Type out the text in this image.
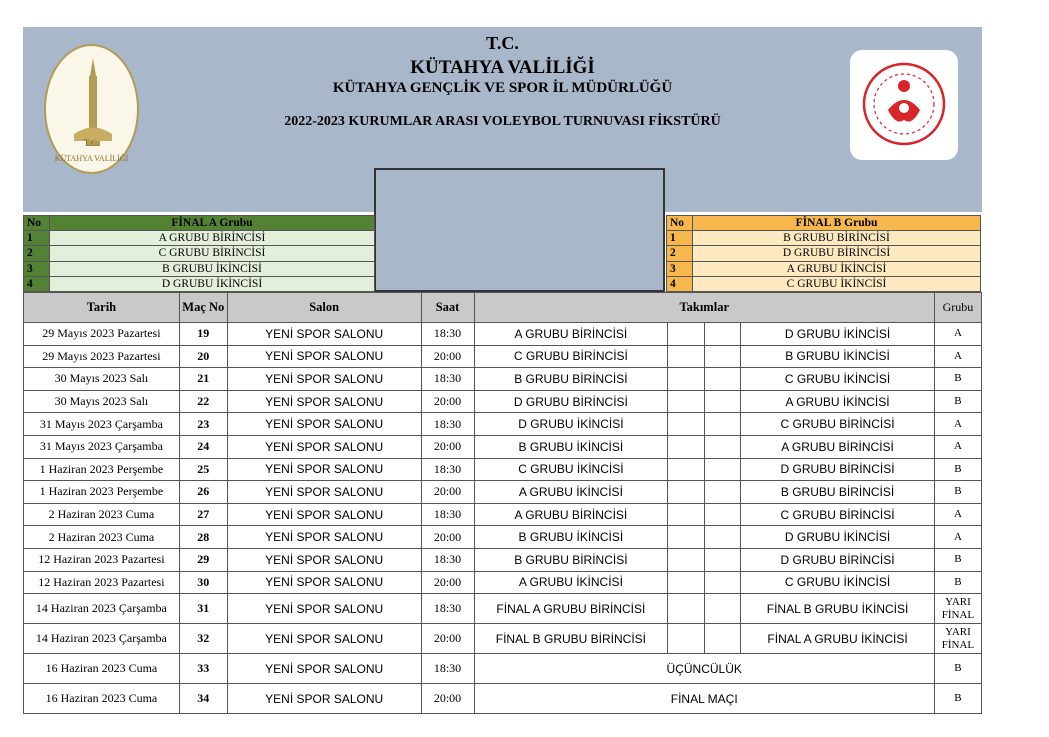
T.C.
KÜTAHYA VALİLİĞİ
T.C.
KÜTAHYA VALİLİĞİ
KÜTAHYA GENÇLİK VE SPOR İL MÜDÜRLÜĞÜ
2022-2023 KURUMLAR ARASI VOLEYBOL TURNUVASI FİKSTÜRÜ
No	FİNAL A Grubu
1	A GRUBU BİRİNCİSİ
2	C GRUBU BİRİNCİSİ
3	B GRUBU İKİNCİSİ
4	D GRUBU İKİNCİSİ
No	FİNAL B Grubu
1	B GRUBU BİRİNCİSİ
2	D GRUBU BİRİNCİSİ
3	A GRUBU İKİNCİSİ
4	C GRUBU İKİNCİSİ
Tarih	Maç No	Salon	Saat	Takımlar				Grubu
29 Mayıs 2023 Pazartesi	19	YENİ SPOR SALONU	18:30	A GRUBU BİRİNCİSİ			D GRUBU İKİNCİSİ	A
29 Mayıs 2023 Pazartesi	20	YENİ SPOR SALONU	20:00	C GRUBU BİRİNCİSİ			B GRUBU İKİNCİSİ	A
30 Mayıs 2023 Salı	21	YENİ SPOR SALONU	18:30	B GRUBU BİRİNCİSİ			C GRUBU İKİNCİSİ	B
30 Mayıs 2023 Salı	22	YENİ SPOR SALONU	20:00	D GRUBU BİRİNCİSİ			A GRUBU İKİNCİSİ	B
31 Mayıs 2023 Çarşamba	23	YENİ SPOR SALONU	18:30	D GRUBU İKİNCİSİ			C GRUBU BİRİNCİSİ	A
31 Mayıs 2023 Çarşamba	24	YENİ SPOR SALONU	20:00	B GRUBU İKİNCİSİ			A GRUBU BİRİNCİSİ	A
1 Haziran 2023 Perşembe	25	YENİ SPOR SALONU	18:30	C GRUBU İKİNCİSİ			D GRUBU BİRİNCİSİ	B
1 Haziran 2023 Perşembe	26	YENİ SPOR SALONU	20:00	A GRUBU İKİNCİSİ			B GRUBU BİRİNCİSİ	B
2 Haziran 2023 Cuma	27	YENİ SPOR SALONU	18:30	A GRUBU BİRİNCİSİ			C GRUBU BİRİNCİSİ	A
2 Haziran 2023 Cuma	28	YENİ SPOR SALONU	20:00	B GRUBU İKİNCİSİ			D GRUBU İKİNCİSİ	A
12 Haziran 2023 Pazartesi	29	YENİ SPOR SALONU	18:30	B GRUBU BİRİNCİSİ			D GRUBU BİRİNCİSİ	B
12 Haziran 2023 Pazartesi	30	YENİ SPOR SALONU	20:00	A GRUBU İKİNCİSİ			C GRUBU İKİNCİSİ	B
14 Haziran 2023 Çarşamba	31	YENİ SPOR SALONU	18:30	FİNAL A GRUBU BİRİNCİSİ			FİNAL B GRUBU İKİNCİSİ	YARI FİNAL
14 Haziran 2023 Çarşamba	32	YENİ SPOR SALONU	20:00	FİNAL B GRUBU BİRİNCİSİ			FİNAL A GRUBU İKİNCİSİ	YARI FİNAL
16 Haziran 2023 Cuma	33	YENİ SPOR SALONU	18:30	ÜÇÜNCÜLÜK				B
16 Haziran 2023 Cuma	34	YENİ SPOR SALONU	20:00	FİNAL MAÇI				B
